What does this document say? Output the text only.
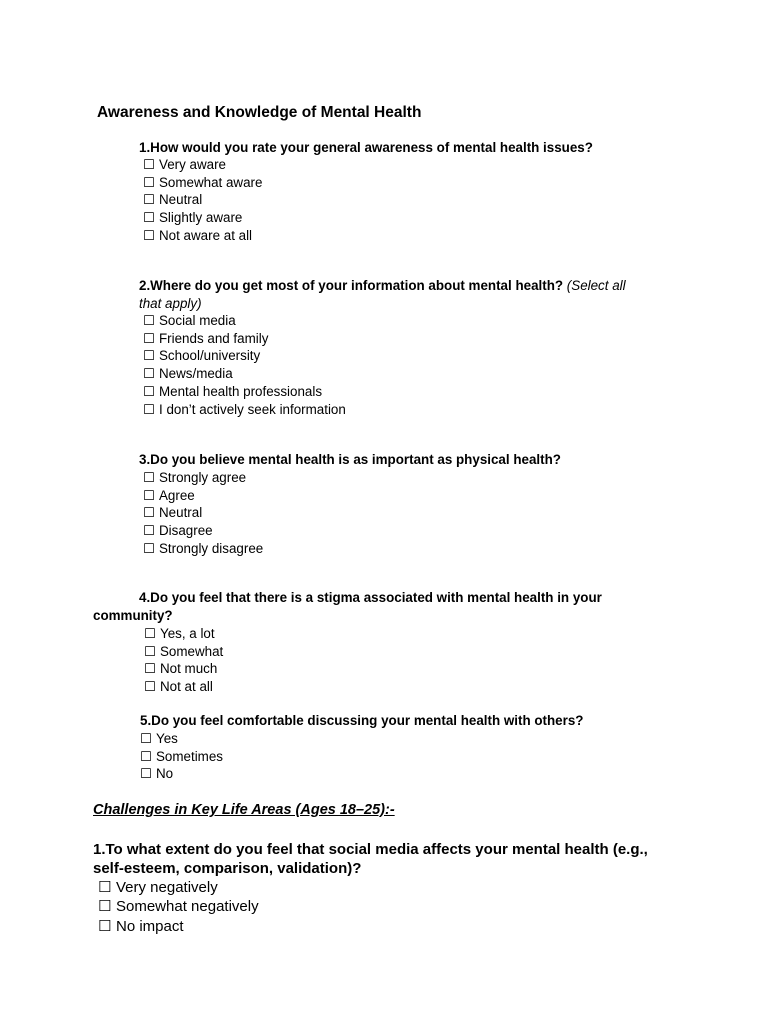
Awareness and Knowledge of Mental Health
1.How would you rate your general awareness of mental health issues?
☐ Very aware
☐ Somewhat aware
☐ Neutral
☐ Slightly aware
☐ Not aware at all
2.Where do you get most of your information about mental health? (Select all
that apply)
☐ Social media
☐ Friends and family
☐ School/university
☐ News/media
☐ Mental health professionals
☐ I don’t actively seek information
3.Do you believe mental health is as important as physical health?
☐ Strongly agree
☐ Agree
☐ Neutral
☐ Disagree
☐ Strongly disagree
4.Do you feel that there is a stigma associated with mental health in your
community?
☐ Yes, a lot
☐ Somewhat
☐ Not much
☐ Not at all
5.Do you feel comfortable discussing your mental health with others?
☐ Yes
☐ Sometimes
☐ No
Challenges in Key Life Areas (Ages 18–25):-
1.To what extent do you feel that social media affects your mental health (e.g.,
self-esteem, comparison, validation)?
☐ Very negatively
☐ Somewhat negatively
☐ No impact
